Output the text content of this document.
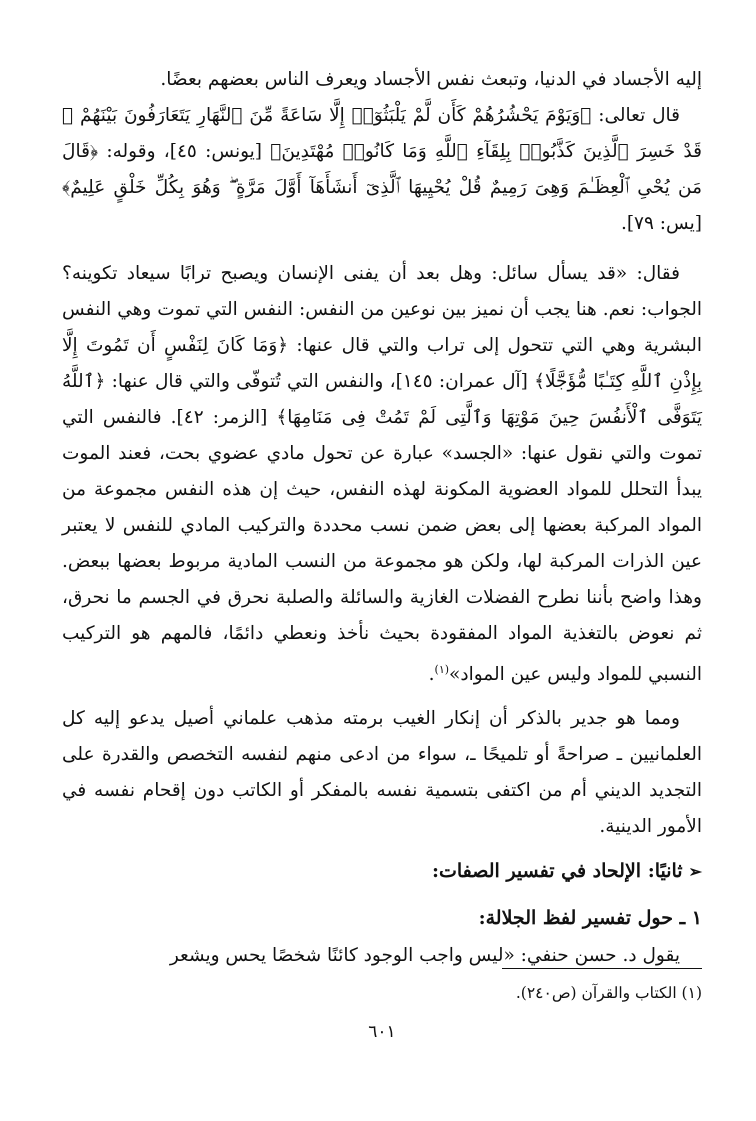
إليه الأجساد في الدنيا، وتبعث نفس الأجساد ويعرف الناس بعضهم بعضًا.

قال تعالى: ﴿وَيَوْمَ يَحْشُرُهُمْ كَأَن لَّمْ يَلْبَثُوٓا۟ إِلَّا سَاعَةً مِّنَ ٱلنَّهَارِ يَتَعَارَفُونَ بَيْنَهُمْ ۚ قَدْ خَسِرَ ٱلَّذِينَ كَذَّبُوا۟ بِلِقَآءِ ٱللَّهِ وَمَا كَانُوا۟ مُهْتَدِينَ﴾ [يونس: ٤٥]، وقوله: ﴿قَالَ مَن يُحْىِ ٱلْعِظَـٰمَ وَهِىَ رَمِيمٌ قُلْ يُحْيِيهَا ٱلَّذِىٓ أَنشَأَهَآ أَوَّلَ مَرَّةٍ ۖ وَهُوَ بِكُلِّ خَلْقٍ عَلِيمٌ﴾ [يس: ٧٩].

فقال: «قد يسأل سائل: وهل بعد أن يفنى الإنسان ويصبح ترابًا سيعاد تكوينه؟ الجواب: نعم. هنا يجب أن نميز بين نوعين من النفس: النفس التي تموت وهي النفس البشرية وهي التي تتحول إلى تراب والتي قال عنها: ﴿وَمَا كَانَ لِنَفْسٍ أَن تَمُوتَ إِلَّا بِإِذْنِ ٱللَّهِ كِتَـٰبًا مُّؤَجَّلًا﴾ [آل عمران: ١٤٥]، والنفس التي تُتوفّى والتي قال عنها: ﴿ٱللَّهُ يَتَوَفَّى ٱلْأَنفُسَ حِينَ مَوْتِهَا وَٱلَّتِى لَمْ تَمُتْ فِى مَنَامِهَا﴾ [الزمر: ٤٢]. فالنفس التي تموت والتي نقول عنها: «الجسد» عبارة عن تحول مادي عضوي بحت، فعند الموت يبدأ التحلل للمواد العضوية المكونة لهذه النفس، حيث إن هذه النفس مجموعة من المواد المركبة بعضها إلى بعض ضمن نسب محددة والتركيب المادي للنفس لا يعتبر عين الذرات المركبة لها، ولكن هو مجموعة من النسب المادية مربوط بعضها ببعض. وهذا واضح بأننا نطرح الفضلات الغازية والسائلة والصلبة نحرق في الجسم ما نحرق، ثم نعوض بالتغذية المواد المفقودة بحيث نأخذ ونعطي دائمًا، فالمهم هو التركيب النسبي للمواد وليس عين المواد»$^{(١)}$.

ومما هو جدير بالذكر أن إنكار الغيب برمته مذهب علماني أصيل يدعو إليه كل العلمانيين ـ صراحةً أو تلميحًا ـ، سواء من ادعى منهم لنفسه التخصص والقدرة على التجديد الديني أم من اكتفى بتسمية نفسه بالمفكر أو الكاتب دون إقحام نفسه في الأمور الدينية.

➢ثانيًا: الإلحاد في تفسير الصفات:

١ ـ حول تفسير لفظ الجلالة:

يقول د. حسن حنفي: «ليس واجب الوجود كائنًا شخصًا يحس ويشعر

(١) الكتاب والقرآن (ص٢٤٠).

٦٠١
